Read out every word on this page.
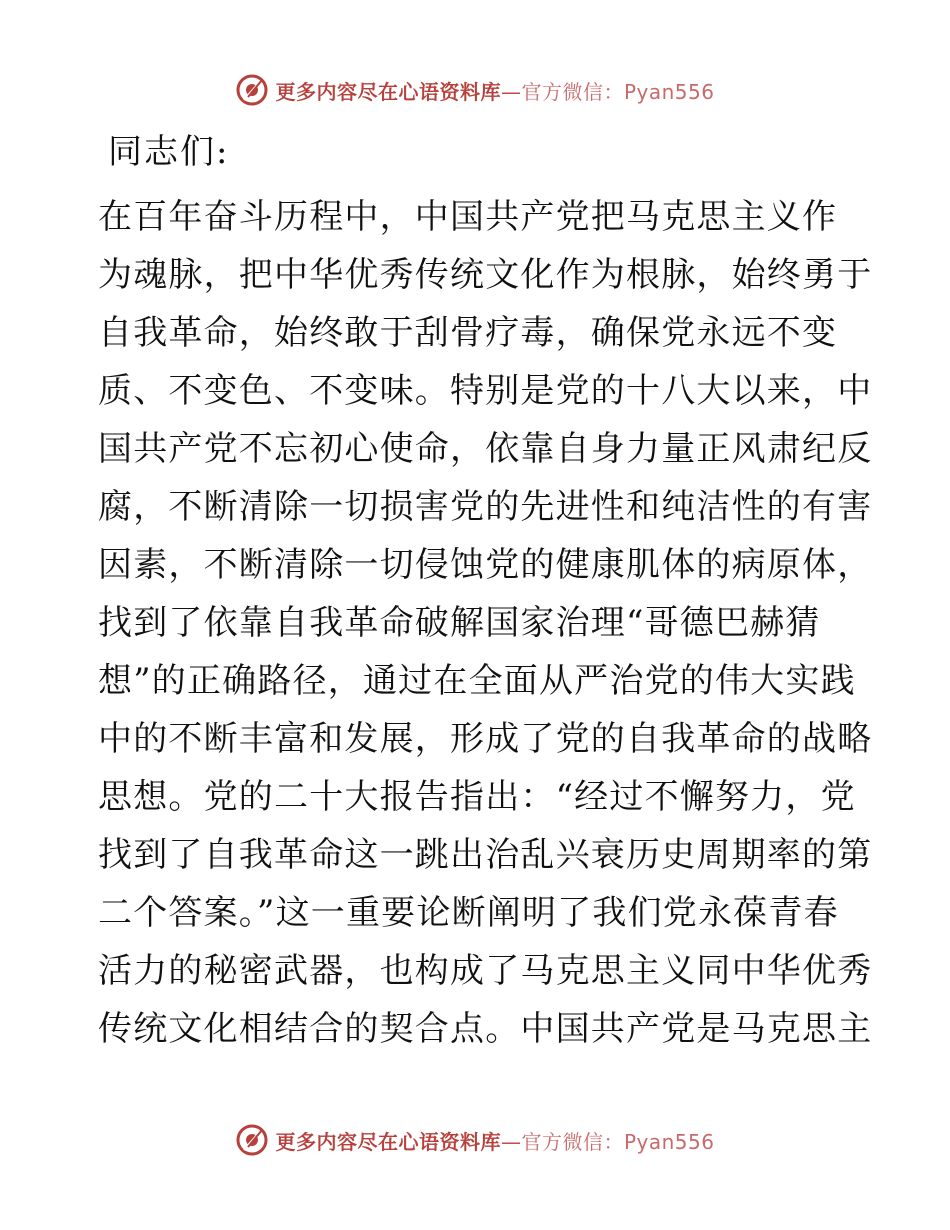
更多内容尽在心语资料库—官方微信：Pyan556
同志们:

在百年奋斗历程中，中国共产党把马克思主义作
为魂脉，把中华优秀传统文化作为根脉，始终勇于
自我革命，始终敢于刮骨疗毒，确保党永远不变
质、不变色、不变味。特别是党的十八大以来，中
国共产党不忘初心使命，依靠自身力量正风肃纪反
腐，不断清除一切损害党的先进性和纯洁性的有害
因素，不断清除一切侵蚀党的健康肌体的病原体，
找到了依靠自我革命破解国家治理“哥德巴赫猜
想”的正确路径，通过在全面从严治党的伟大实践
中的不断丰富和发展，形成了党的自我革命的战略
思想。党的二十大报告指出：“经过不懈努力，党
找到了自我革命这一跳出治乱兴衰历史周期率的第
二个答案。”这一重要论断阐明了我们党永葆青春
活力的秘密武器，也构成了马克思主义同中华优秀
传统文化相结合的契合点。中国共产党是马克思主

更多内容尽在心语资料库—官方微信：Pyan556
